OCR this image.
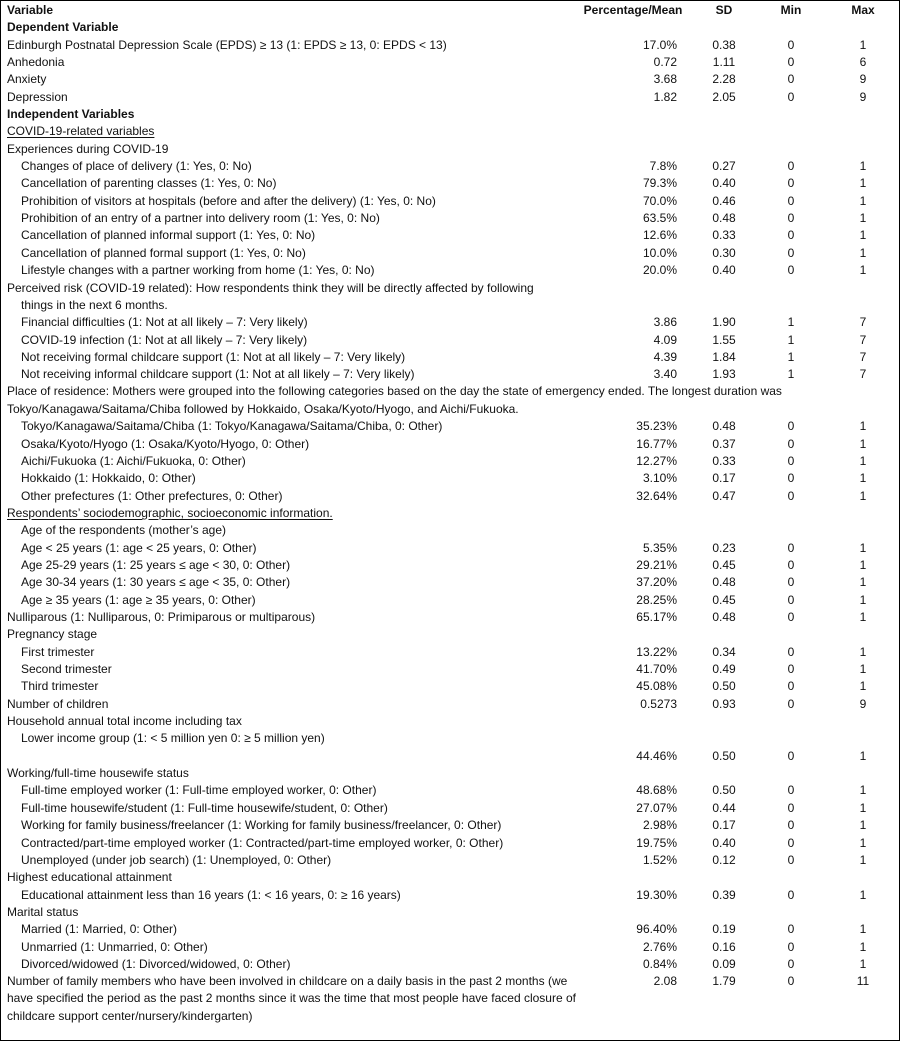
Variable	Percentage/Mean	SD	Min	Max
Dependent Variable				
Edinburgh Postnatal Depression Scale (EPDS) ≥ 13 (1: EPDS ≥ 13, 0: EPDS < 13)	17.0%	0.38	0	1
Anhedonia	0.72	1.11	0	6
Anxiety	3.68	2.28	0	9
Depression	1.82	2.05	0	9
Independent Variables				
COVID-19-related variables				
Experiences during COVID-19				
Changes of place of delivery (1: Yes, 0: No)	7.8%	0.27	0	1
Cancellation of parenting classes (1: Yes, 0: No)	79.3%	0.40	0	1
Prohibition of visitors at hospitals (before and after the delivery) (1: Yes, 0: No)	70.0%	0.46	0	1
Prohibition of an entry of a partner into delivery room (1: Yes, 0: No)	63.5%	0.48	0	1
Cancellation of planned informal support (1: Yes, 0: No)	12.6%	0.33	0	1
Cancellation of planned formal support (1: Yes, 0: No)	10.0%	0.30	0	1
Lifestyle changes with a partner working from home (1: Yes, 0: No)	20.0%	0.40	0	1
Perceived risk (COVID-19 related): How respondents think they will be directly affected by following				
things in the next 6 months.				
Financial difficulties (1: Not at all likely – 7: Very likely)	3.86	1.90	1	7
COVID-19 infection (1: Not at all likely – 7: Very likely)	4.09	1.55	1	7
Not receiving formal childcare support (1: Not at all likely – 7: Very likely)	4.39	1.84	1	7
Not receiving informal childcare support (1: Not at all likely – 7: Very likely)	3.40	1.93	1	7
Place of residence: Mothers were grouped into the following categories based on the day the state of emergency ended. The longest duration was Tokyo/Kanagawa/Saitama/Chiba followed by Hokkaido, Osaka/Kyoto/Hyogo, and Aichi/Fukuoka.				
Tokyo/Kanagawa/Saitama/Chiba (1: Tokyo/Kanagawa/Saitama/Chiba, 0: Other)	35.23%	0.48	0	1
Osaka/Kyoto/Hyogo (1: Osaka/Kyoto/Hyogo, 0: Other)	16.77%	0.37	0	1
Aichi/Fukuoka (1: Aichi/Fukuoka, 0: Other)	12.27%	0.33	0	1
Hokkaido (1: Hokkaido, 0: Other)	3.10%	0.17	0	1
Other prefectures (1: Other prefectures, 0: Other)	32.64%	0.47	0	1
Respondents’ sociodemographic, socioeconomic information.				
Age of the respondents (mother’s age)				
Age < 25 years (1: age < 25 years, 0: Other)	5.35%	0.23	0	1
Age 25-29 years (1: 25 years ≤ age < 30, 0: Other)	29.21%	0.45	0	1
Age 30-34 years (1: 30 years ≤ age < 35, 0: Other)	37.20%	0.48	0	1
Age ≥ 35 years (1: age ≥ 35 years, 0: Other)	28.25%	0.45	0	1
Nulliparous (1: Nulliparous, 0: Primiparous or multiparous)	65.17%	0.48	0	1
Pregnancy stage				
First trimester	13.22%	0.34	0	1
Second trimester	41.70%	0.49	0	1
Third trimester	45.08%	0.50	0	1
Number of children	0.5273	0.93	0	9
Household annual total income including tax				
Lower income group (1: < 5 million yen 0: ≥ 5 million yen)				
	44.46%	0.50	0	1
Working/full-time housewife status				
Full-time employed worker (1: Full-time employed worker, 0: Other)	48.68%	0.50	0	1
Full-time housewife/student (1: Full-time housewife/student, 0: Other)	27.07%	0.44	0	1
Working for family business/freelancer (1: Working for family business/freelancer, 0: Other)	2.98%	0.17	0	1
Contracted/part-time employed worker (1: Contracted/part-time employed worker, 0: Other)	19.75%	0.40	0	1
Unemployed (under job search) (1: Unemployed, 0: Other)	1.52%	0.12	0	1
Highest educational attainment				
Educational attainment less than 16 years (1: < 16 years, 0: ≥ 16 years)	19.30%	0.39	0	1
Marital status				
Married (1: Married, 0: Other)	96.40%	0.19	0	1
Unmarried (1: Unmarried, 0: Other)	2.76%	0.16	0	1
Divorced/widowed (1: Divorced/widowed, 0: Other)	0.84%	0.09	0	1
Number of family members who have been involved in childcare on a daily basis in the past 2 months (we have specified the period as the past 2 months since it was the time that most people have faced closure of childcare support center/nursery/kindergarten)	2.08	1.79	0	11
